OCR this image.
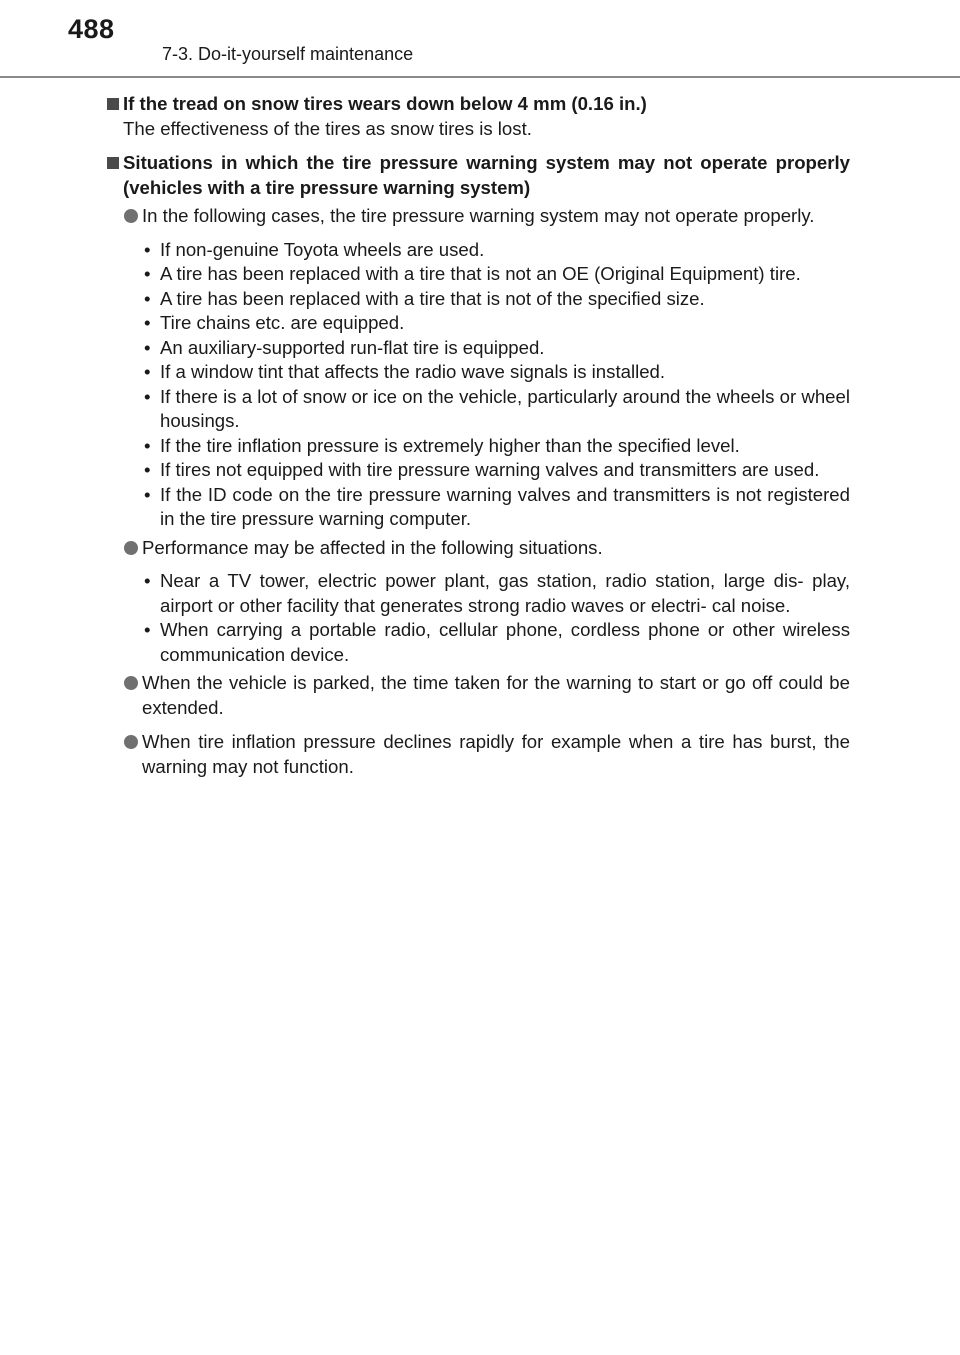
488
7-3. Do-it-yourself maintenance
If the tread on snow tires wears down below 4 mm (0.16 in.)
The effectiveness of the tires as snow tires is lost.
Situations in which the tire pressure warning system may not operate properly (vehicles with a tire pressure warning system)
In the following cases, the tire pressure warning system may not operate properly.
• If non-genuine Toyota wheels are used.
• A tire has been replaced with a tire that is not an OE (Original Equipment) tire.
• A tire has been replaced with a tire that is not of the specified size.
• Tire chains etc. are equipped.
• An auxiliary-supported run-flat tire is equipped.
• If a window tint that affects the radio wave signals is installed.
• If there is a lot of snow or ice on the vehicle, particularly around the wheels or wheel housings.
• If the tire inflation pressure is extremely higher than the specified level.
• If tires not equipped with tire pressure warning valves and transmitters are used.
• If the ID code on the tire pressure warning valves and transmitters is not registered in the tire pressure warning computer.
Performance may be affected in the following situations.
• Near a TV tower, electric power plant, gas station, radio station, large dis- play, airport or other facility that generates strong radio waves or electri- cal noise.
• When carrying a portable radio, cellular phone, cordless phone or other wireless communication device.
When the vehicle is parked, the time taken for the warning to start or go off could be extended.
When tire inflation pressure declines rapidly for example when a tire has burst, the warning may not function.
